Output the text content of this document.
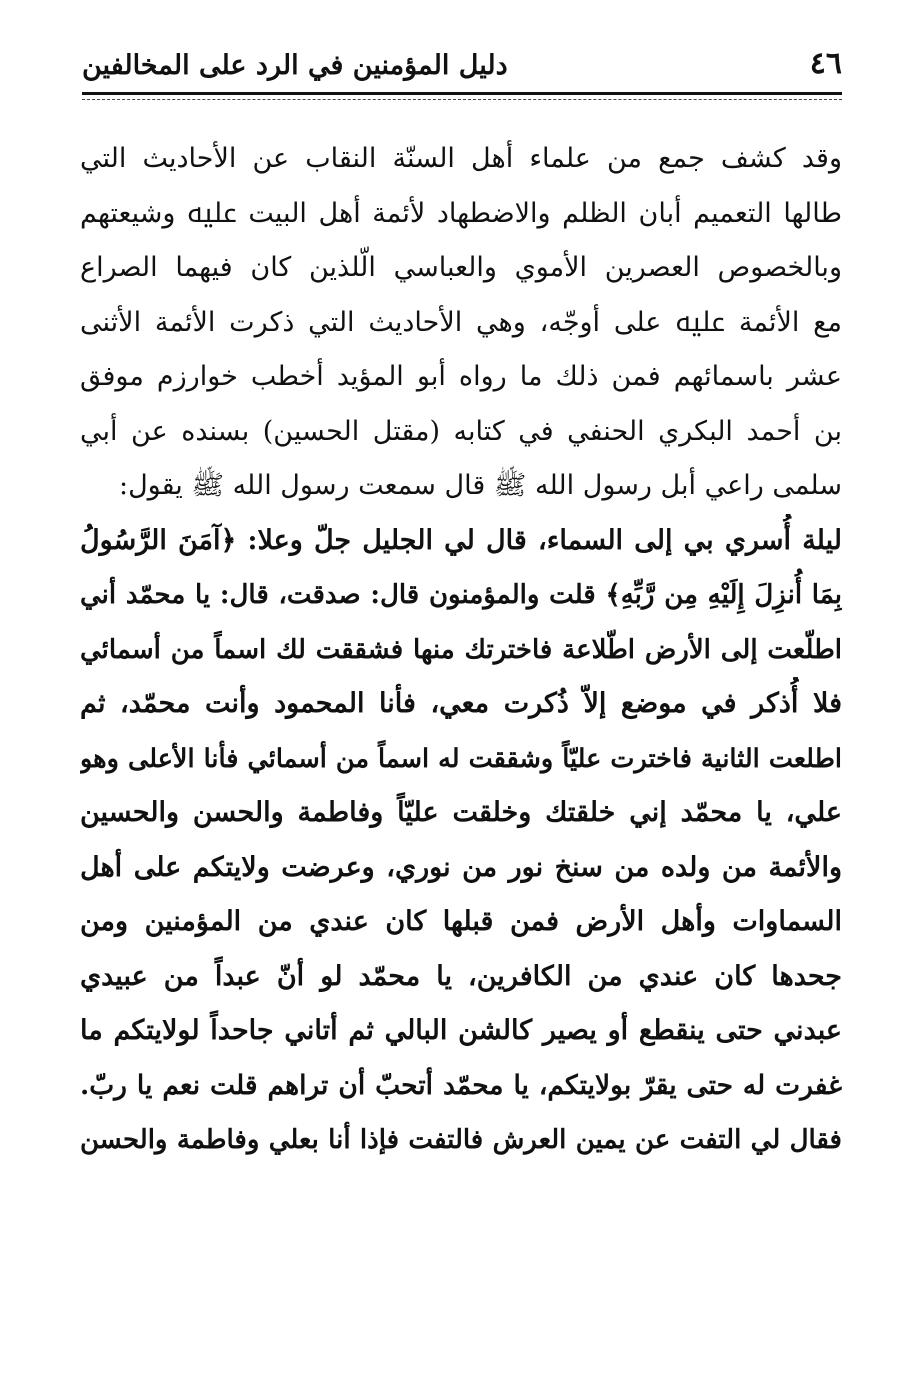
٤٦
دليل المؤمنين في الرد على المخالفين
وقد كشف جمع من علماء أهل السنّة النقاب عن الأحاديث التي
طالها التعميم أبان الظلم والاضطهاد لأئمة أهل البيت ﷷ وشيعتهم
وبالخصوص العصرين الأموي والعباسي الّلذين كان فيهما الصراع
مع الأئمة ﷷ على أوجّه، وهي الأحاديث التي ذكرت الأئمة الأثنى
عشر باسمائهم فمن ذلك ما رواه أبو المؤيد أخطب خوارزم موفق
بن أحمد البكري الحنفي في كتابه (مقتل الحسين) بسنده عن أبي
سلمى راعي أبل رسول الله ﷺ قال سمعت رسول الله ﷺ يقول:
ليلة أُسري بي إلى السماء، قال لي الجليل جلّ وعلا: ﴿آمَنَ الرَّسُولُ
بِمَا أُنزِلَ إِلَيْهِ مِن رَّبِّهِ﴾ قلت والمؤمنون قال: صدقت، قال: يا محمّد أني
اطلّعت إلى الأرض اطّلاعة فاخترتك منها فشققت لك اسماً من أسمائي
فلا أُذكر في موضع إلاّ ذُكرت معي، فأنا المحمود وأنت محمّد، ثم
اطلعت الثانية فاخترت عليّاً وشققت له اسماً من أسمائي فأنا الأعلى وهو
علي، يا محمّد إني خلقتك وخلقت عليّاً وفاطمة والحسن والحسين
والأئمة من ولده من سنخ نور من نوري، وعرضت ولايتكم على أهل
السماوات وأهل الأرض فمن قبلها كان عندي من المؤمنين ومن
جحدها كان عندي من الكافرين، يا محمّد لو أنّ عبداً من عبيدي
عبدني حتى ينقطع أو يصير كالشن البالي ثم أتاني جاحداً لولايتكم ما
غفرت له حتى يقرّ بولايتكم، يا محمّد أتحبّ أن تراهم قلت نعم يا ربّ.
فقال لي التفت عن يمين العرش فالتفت فإذا أنا بعلي وفاطمة والحسن
